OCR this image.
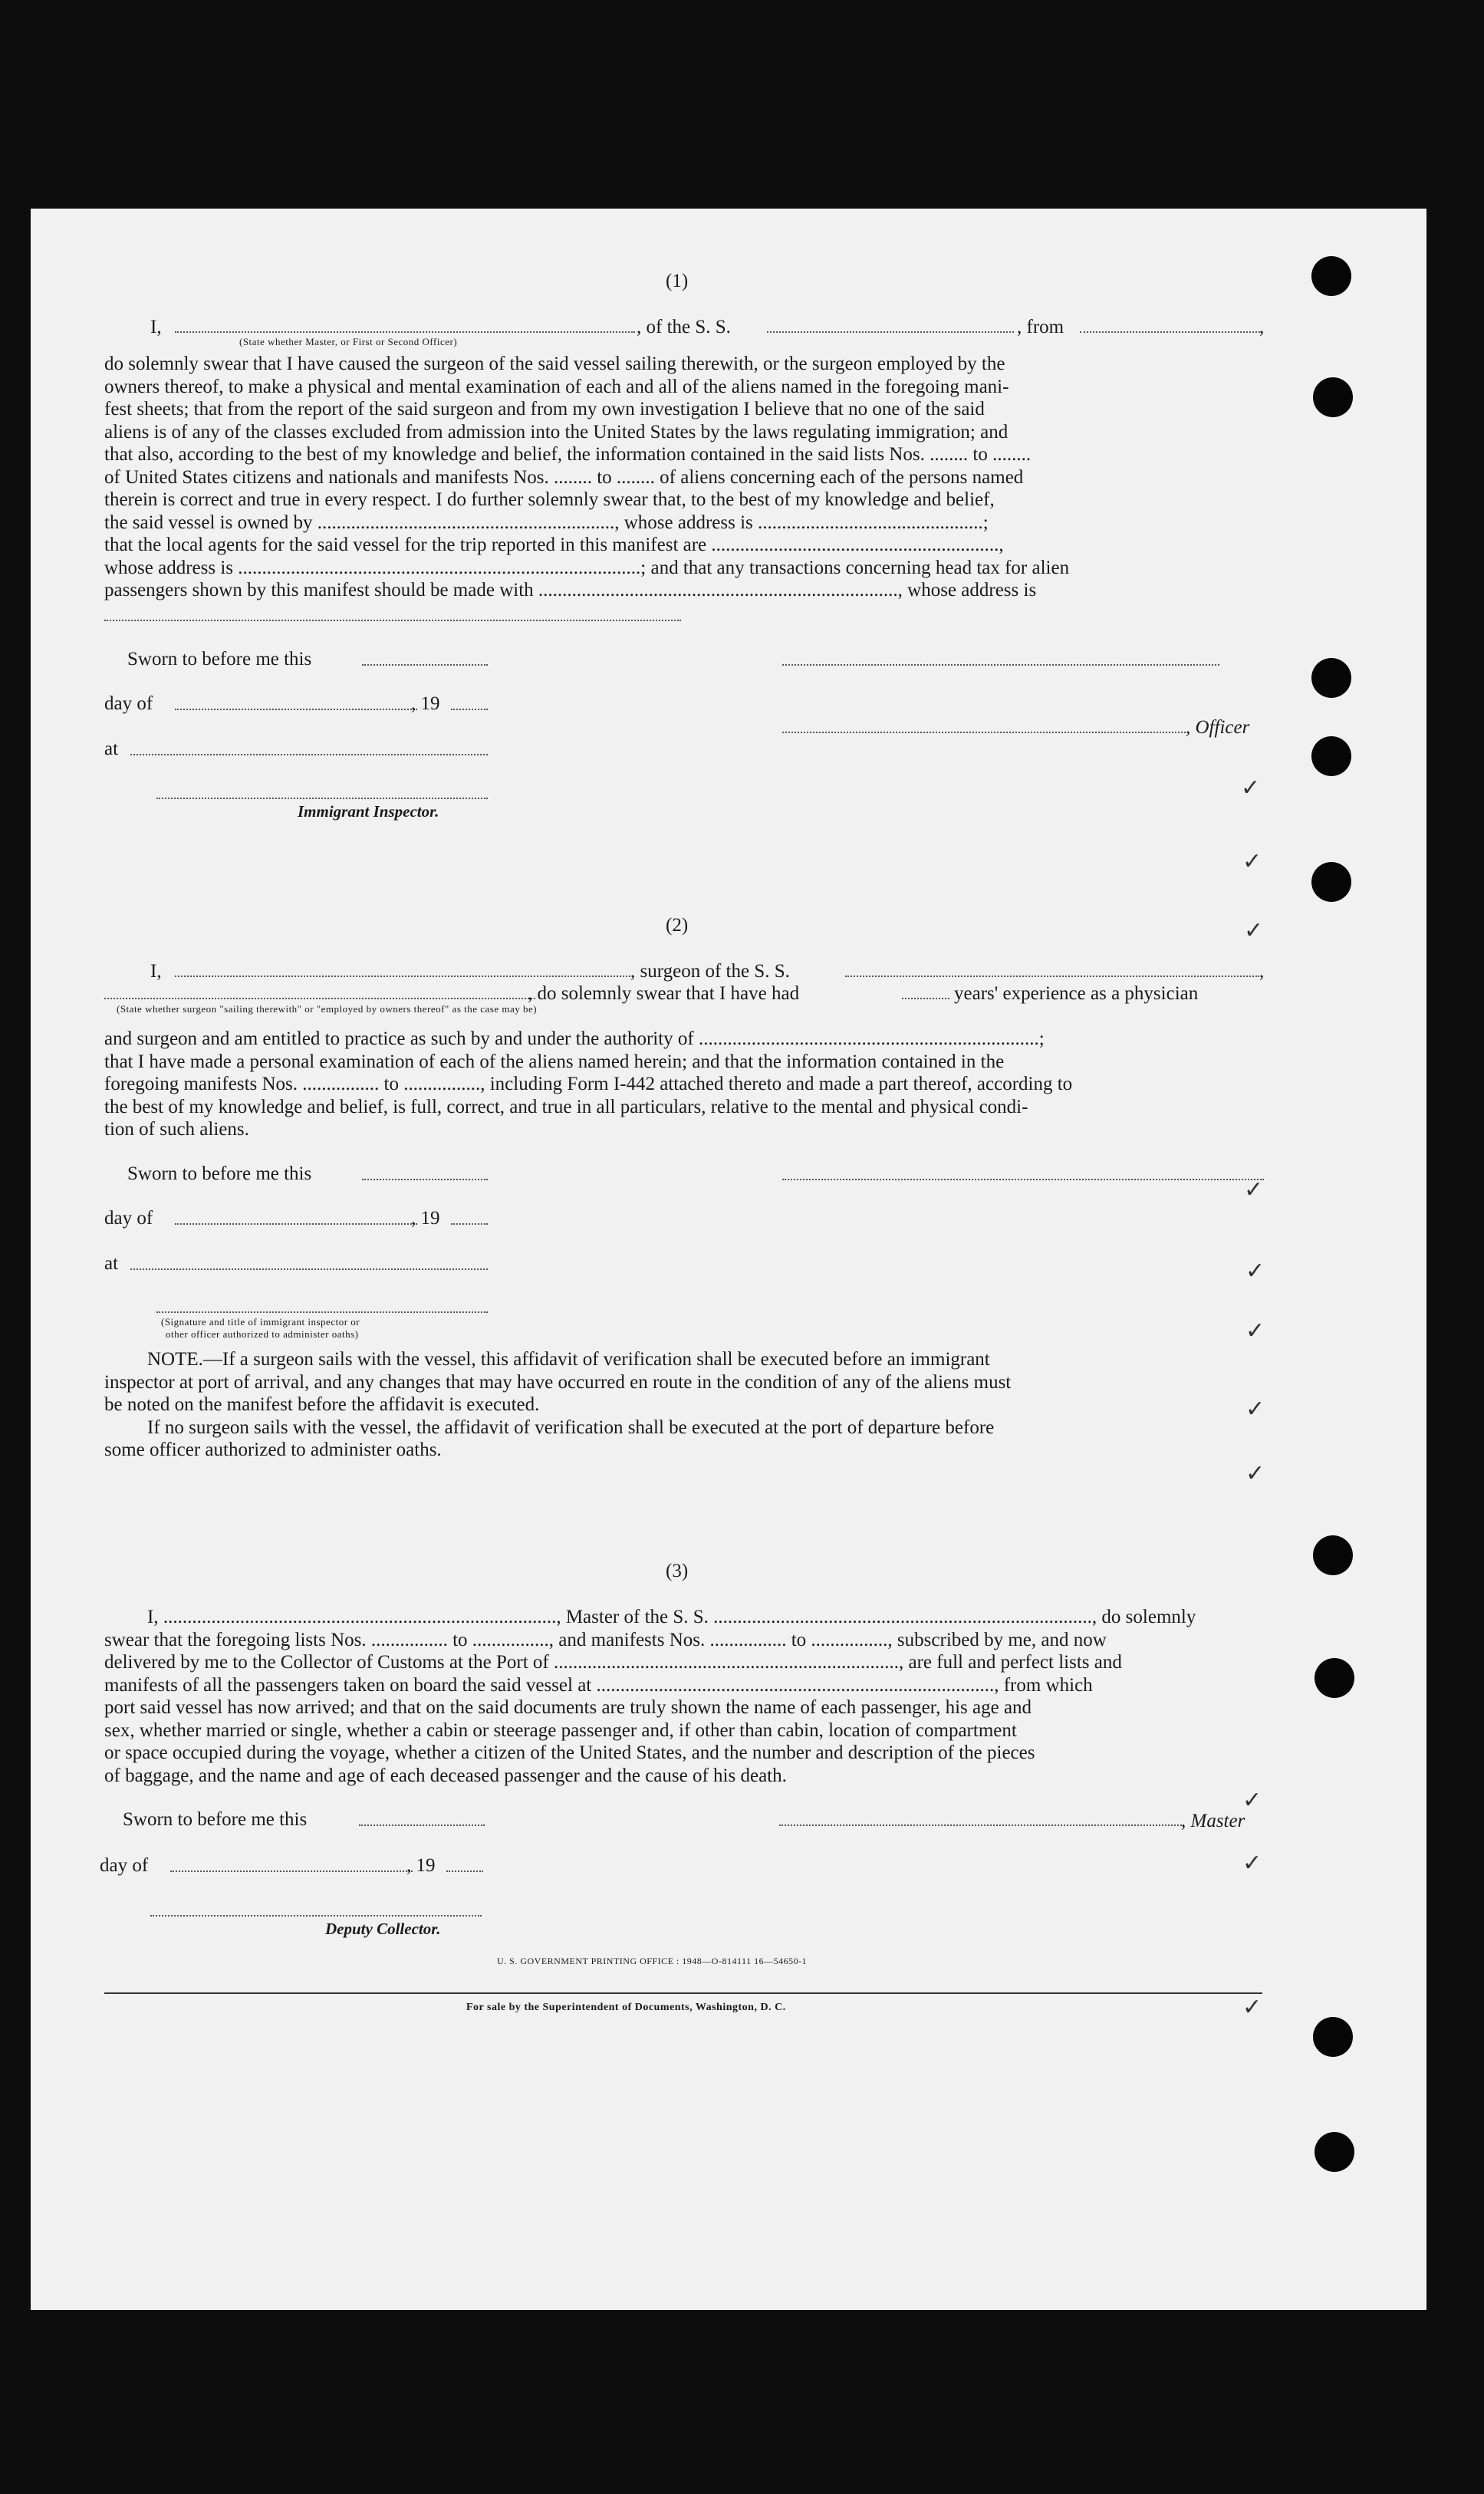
(1)
I,	, of the S. S.	, from	,
(State whether Master, or First or Second Officer)
do solemnly swear that I have caused the surgeon of the said vessel sailing therewith, or the surgeon employed by the
owners thereof, to make a physical and mental examination of each and all of the aliens named in the foregoing mani-
fest sheets; that from the report of the said surgeon and from my own investigation I believe that no one of the said
aliens is of any of the classes excluded from admission into the United States by the laws regulating immigration; and
that also, according to the best of my knowledge and belief, the information contained in the said lists Nos. ........ to ........
of United States citizens and nationals and manifests Nos. ........ to ........ of aliens concerning each of the persons named
therein is correct and true in every respect. I do further solemnly swear that, to the best of my knowledge and belief,
the said vessel is owned by .............................................................., whose address is ...............................................;
that the local agents for the said vessel for the trip reported in this manifest are ............................................................,
whose address is ....................................................................................; and that any transactions concerning head tax for alien
passengers shown by this manifest should be made with ..........................................................................., whose address is
Sworn to before me this
day of	, 19
at
, Officer
Immigrant Inspector.
(2)
I,	, surgeon of the S. S.	,
, do solemnly swear that I have had	years' experience as a physician
(State whether surgeon "sailing therewith" or "employed by owners thereof" as the case may be)
and surgeon and am entitled to practice as such by and under the authority of .......................................................................;
that I have made a personal examination of each of the aliens named herein; and that the information contained in the
foregoing manifests Nos. ................ to ................, including Form I-442 attached thereto and made a part thereof, according to
the best of my knowledge and belief, is full, correct, and true in all particulars, relative to the mental and physical condi-
tion of such aliens.
Sworn to before me this
day of	, 19
at
(Signature and title of immigrant inspector or
other officer authorized to administer oaths)
NOTE.—If a surgeon sails with the vessel, this affidavit of verification shall be executed before an immigrant
inspector at port of arrival, and any changes that may have occurred en route in the condition of any of the aliens must
be noted on the manifest before the affidavit is executed.
If no surgeon sails with the vessel, the affidavit of verification shall be executed at the port of departure before
some officer authorized to administer oaths.
(3)
I, .................................................................................., Master of the S. S. ..............................................................................., do solemnly
swear that the foregoing lists Nos. ................ to ................, and manifests Nos. ................ to ................, subscribed by me, and now
delivered by me to the Collector of Customs at the Port of ........................................................................, are full and perfect lists and
manifests of all the passengers taken on board the said vessel at ..................................................................................., from which
port said vessel has now arrived; and that on the said documents are truly shown the name of each passenger, his age and
sex, whether married or single, whether a cabin or steerage passenger and, if other than cabin, location of compartment
or space occupied during the voyage, whether a citizen of the United States, and the number and description of the pieces
of baggage, and the name and age of each deceased passenger and the cause of his death.
Sworn to before me this	, Master
day of	, 19
Deputy Collector.
U. S. GOVERNMENT PRINTING OFFICE : 1948—O-814111 16—54650-1
For sale by the Superintendent of Documents, Washington, D. C.
✓
✓
✓
✓
✓
✓
✓
✓
✓
✓
✓
